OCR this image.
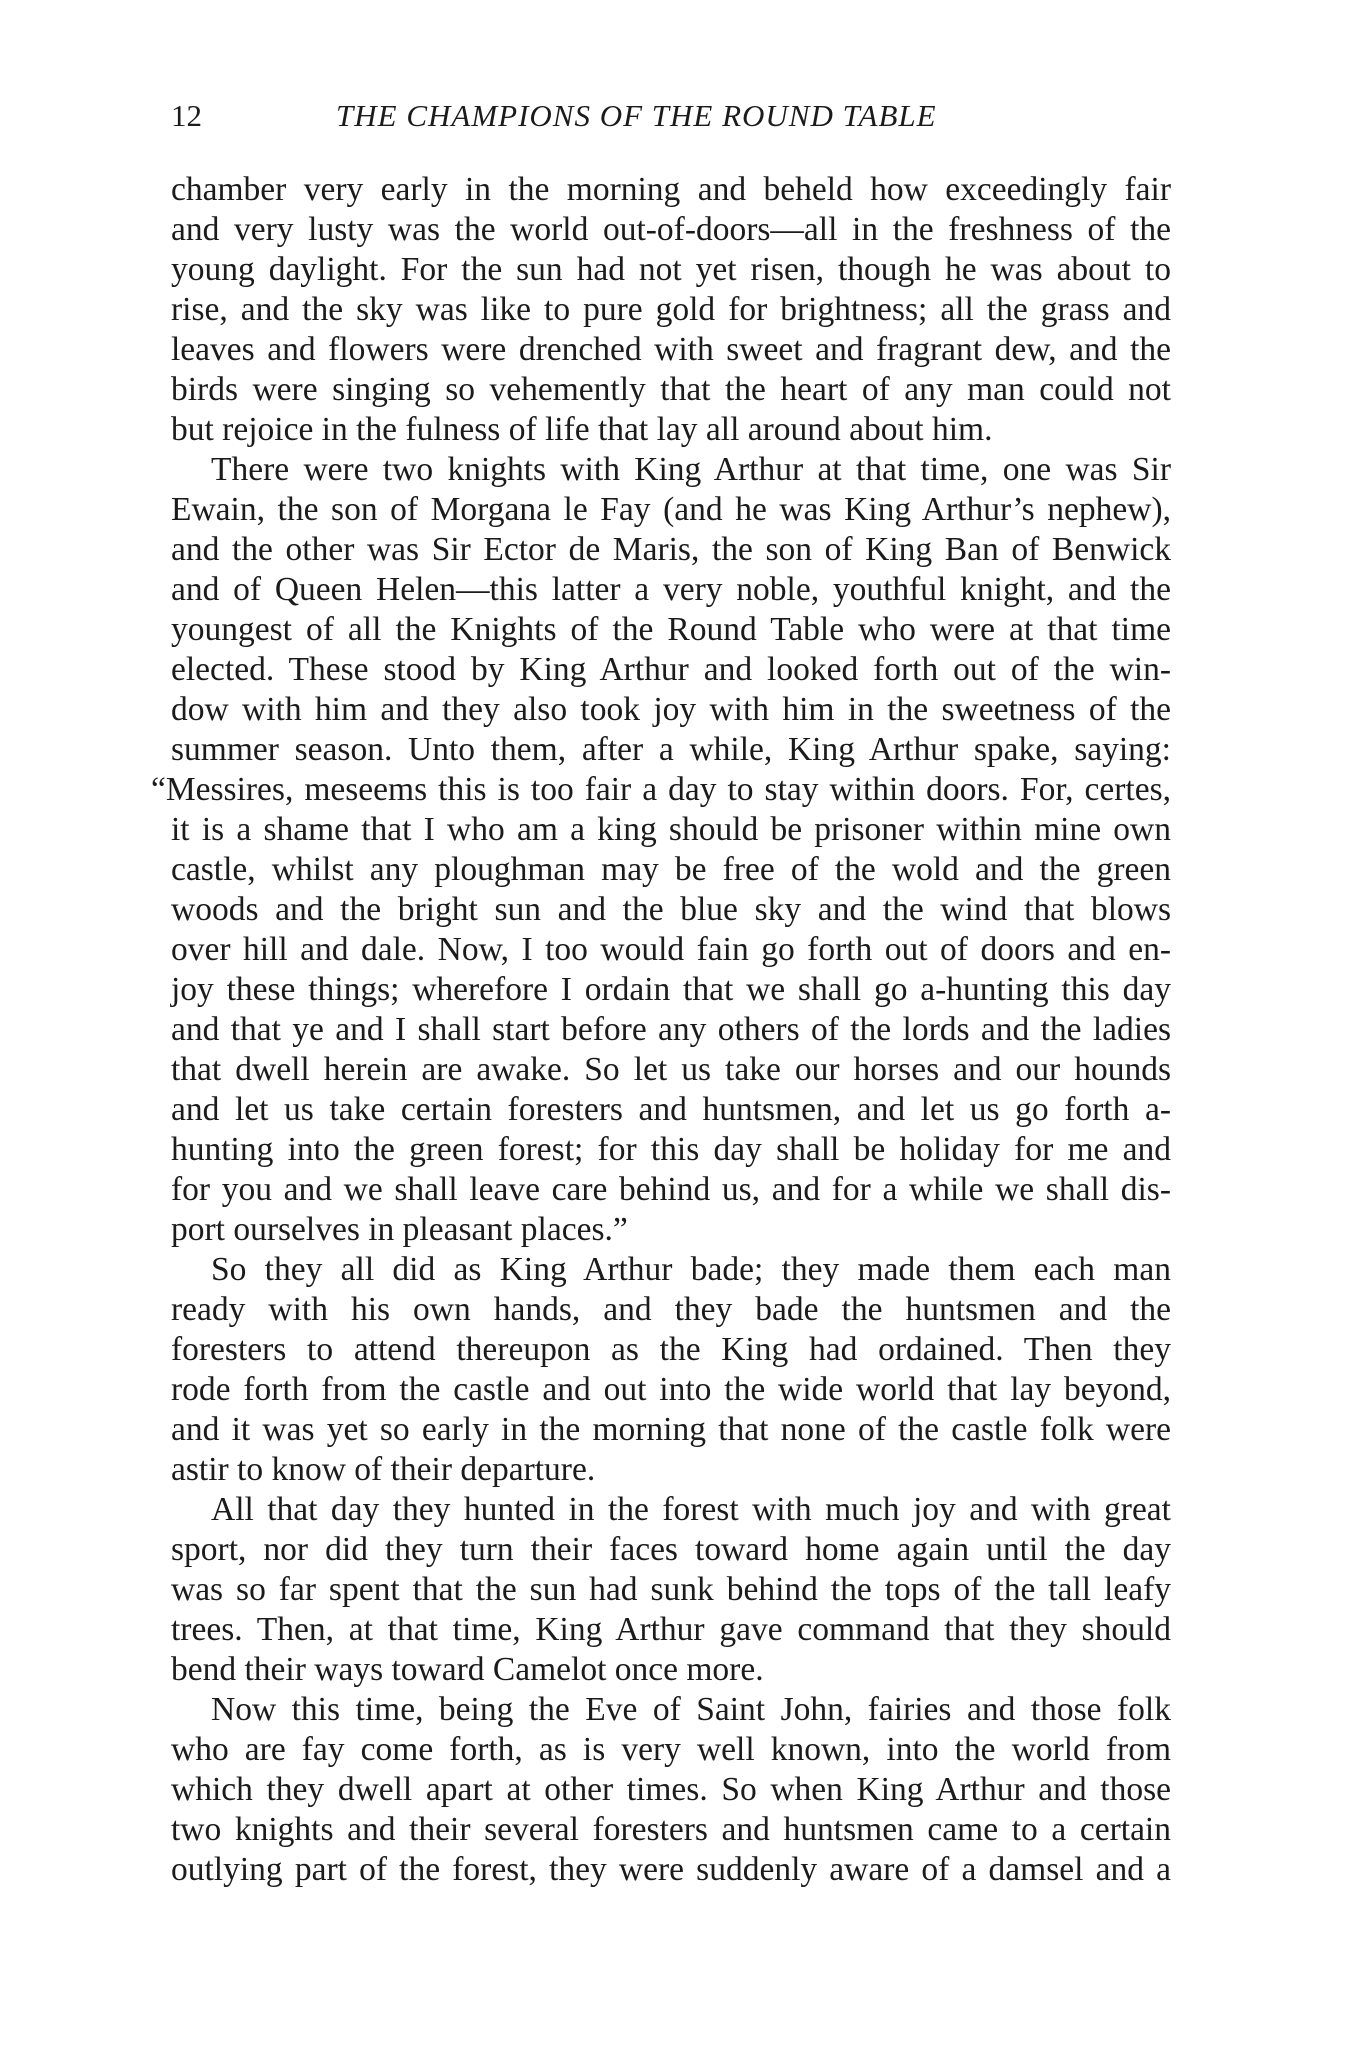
12	THE CHAMPIONS OF THE ROUND TABLE
chamber very early in the morning and beheld how exceedingly fair
and very lusty was the world out-of-doors—all in the freshness of the
young daylight. For the sun had not yet risen, though he was about to
rise, and the sky was like to pure gold for brightness; all the grass and
leaves and flowers were drenched with sweet and fragrant dew, and the
birds were singing so vehemently that the heart of any man could not
but rejoice in the fulness of life that lay all around about him.
There were two knights with King Arthur at that time, one was Sir
Ewain, the son of Morgana le Fay (and he was King Arthur’s nephew),
and the other was Sir Ector de Maris, the son of King Ban of Benwick
and of Queen Helen—this latter a very noble, youthful knight, and the
youngest of all the Knights of the Round Table who were at that time
elected. These stood by King Arthur and looked forth out of the win-
dow with him and they also took joy with him in the sweetness of the
summer season. Unto them, after a while, King Arthur spake, saying:
“Messires, meseems this is too fair a day to stay within doors. For, certes,
it is a shame that I who am a king should be prisoner within mine own
castle, whilst any ploughman may be free of the wold and the green
woods and the bright sun and the blue sky and the wind that blows
over hill and dale. Now, I too would fain go forth out of doors and en-
joy these things; wherefore I ordain that we shall go a-hunting this day
and that ye and I shall start before any others of the lords and the ladies
that dwell herein are awake. So let us take our horses and our hounds
and let us take certain foresters and huntsmen, and let us go forth a-
hunting into the green forest; for this day shall be holiday for me and
for you and we shall leave care behind us, and for a while we shall dis-
port ourselves in pleasant places.”
So they all did as King Arthur bade; they made them each man
ready with his own hands, and they bade the huntsmen and the
foresters to attend thereupon as the King had ordained. Then they
rode forth from the castle and out into the wide world that lay beyond,
and it was yet so early in the morning that none of the castle folk were
astir to know of their departure.
All that day they hunted in the forest with much joy and with great
sport, nor did they turn their faces toward home again until the day
was so far spent that the sun had sunk behind the tops of the tall leafy
trees. Then, at that time, King Arthur gave command that they should
bend their ways toward Camelot once more.
Now this time, being the Eve of Saint John, fairies and those folk
who are fay come forth, as is very well known, into the world from
which they dwell apart at other times. So when King Arthur and those
two knights and their several foresters and huntsmen came to a certain
outlying part of the forest, they were suddenly aware of a damsel and a
